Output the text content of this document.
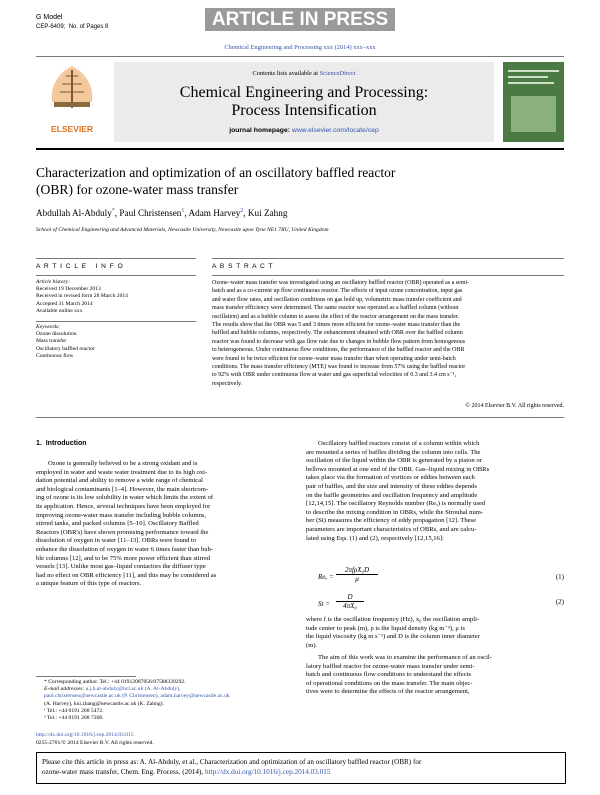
G Model
CEP-6409; No. of Pages 8	ARTICLE IN PRESS
Chemical Engineering and Processing xxx (2014) xxx–xxx
ELSEVIER
Contents lists available at ScienceDirect
Chemical Engineering and Processing:
Process Intensification
journal homepage: www.elsevier.com/locate/cep
Characterization and optimization of an oscillatory baffled reactor
(OBR) for ozone-water mass transfer
Abdullah Al-Abduly*, Paul Christensen$^1$, Adam Harvey$^2$, Kui Zahng
School of Chemical Engineering and Advanced Materials, Newcastle University, Newcastle upon Tyne NE1 7RU, United Kingdom
A R T I C L E   I N F O
Article history:
Received 19 December 2013
Received in revised form 28 March 2014
Accepted 31 March 2014
Available online xxx
Keywords:
Ozone dissolution
Mass transfer
Oscillatory baffled reactor
Continuous flow
A B S T R A C T
Ozone–water mass transfer was investigated using an oscillatory baffled reactor (OBR) operated as a semi-
batch and as a co-current up flow continuous reactor. The effects of input ozone concentration, input gas
and water flow rates, and oscillation conditions on gas hold up, volumetric mass transfer coefficient and
mass transfer efficiency were determined. The same reactor was operated as a baffled column (without
oscillation) and as a bubble column to assess the effect of the reactor arrangement on the mass transfer.
The results show that the OBR was 5 and 3 times more efficient for ozone–water mass transfer than the
baffled and bubble columns, respectively. The enhancement obtained with OBR over the baffled column
reactor was found to decrease with gas flow rate due to changes in bubble flow pattern from homogenous
to heterogeneous. Under continuous flow conditions, the performance of the baffled reactor and the OBR
were found to be twice efficient for ozone–water mass transfer than when operating under semi-batch
conditions. The mass transfer efficiency (MTE) was found to increase from 57% using the baffled reactor
to 92% with OBR under continuous flow at water and gas superficial velocities of 0.3 and 3.4 cm s⁻¹,
respectively.
© 2014 Elsevier B.V. All rights reserved.
1.  Introduction
Ozone is generally believed to be a strong oxidant and is
employed in water and waste water treatment due to its high oxi-
dation potential and ability to remove a wide range of chemical
and biological contaminants [1–4]. However, the main shortcom-
ing of ozone is its low solubility in water which limits the extent of
its application. Hence, several techniques have been employed for
improving ozone-water mass transfer including bubble columns,
stirred tanks, and packed columns [5–10]. Oscillatory Baffled
Reactors (OBR's) have shown promising performance toward the
dissolution of oxygen in water [11–13]. OBRs were found to
enhance the dissolution of oxygen in water 6 times faster than bub-
ble columns [12], and to be 75% more power efficient than stirred
vessels [13]. Unlike most gas–liquid contactors the diffuser type
had no effect on OBR efficiency [11], and this may be considered as
a unique feature of this type of reactors.
Oscillatory baffled reactors consist of a column within which
are mounted a series of baffles dividing the column into cells. The
oscillation of the liquid within the OBR is generated by a piston or
bellows mounted at one end of the OBR. Gas–liquid mixing in OBRs
takes place via the formation of vortices or eddies between each
pair of baffles, and the size and intensity of these eddies depends
on the baffle geometries and oscillation frequency and amplitude
[12,14,15]. The oscillatory Reynolds number (Reₒ) is normally used
to describe the mixing condition in OBRs, while the Strouhal num-
ber (St) measures the efficiency of eddy propagation [12]. These
parameters are important characteristics of OBRs, and are calcu-
lated using Eqs. (1) and (2), respectively [12,15,16]:
Reₒ =
2πfρX₀D
μ	(1)
$St = \frac{D}{\text{4πX₀}}$	(2)
where f is the oscillation frequency (Hz), x₀ the oscillation ampli-
tude center to peak (m), ρ is the liquid density (kg m⁻³), μ is
the liquid viscosity (kg m s⁻¹) and D is the column inner diameter
(m).
The aim of this work was to examine the performance of an oscil-
latory baffled reactor for ozone-water mass transfer under semi-
batch and continuous flow conditions to understand the effects
of operational conditions on the mass transfer. The main objec-
tives were to determine the effects of the reactor arrangement,
* Corresponding author. Tel.: +44 01912087056/07588339292.
E-mail addresses: a.j.h.al-abduly@ncl.ac.uk (A. Al-Abduly),
paul.christensen@newcastle.ac.uk (P. Christensen), adam.harvey@newcastle.ac.uk
(A. Harvey), kui.zhang@newcastle.ac.uk (K. Zahng).
¹ Tel.: +44 0191 208 5472.
² Tel.: +44 0191 208 7268.
http://dx.doi.org/10.1016/j.cep.2014.03.015
0255-2701/© 2014 Elsevier B.V. All rights reserved.
Please cite this article in press as: A. Al-Abduly, et al., Characterization and optimization of an oscillatory baffled reactor (OBR) for
ozone-water mass transfer, Chem. Eng. Process. (2014), http://dx.doi.org/10.1016/j.cep.2014.03.015
